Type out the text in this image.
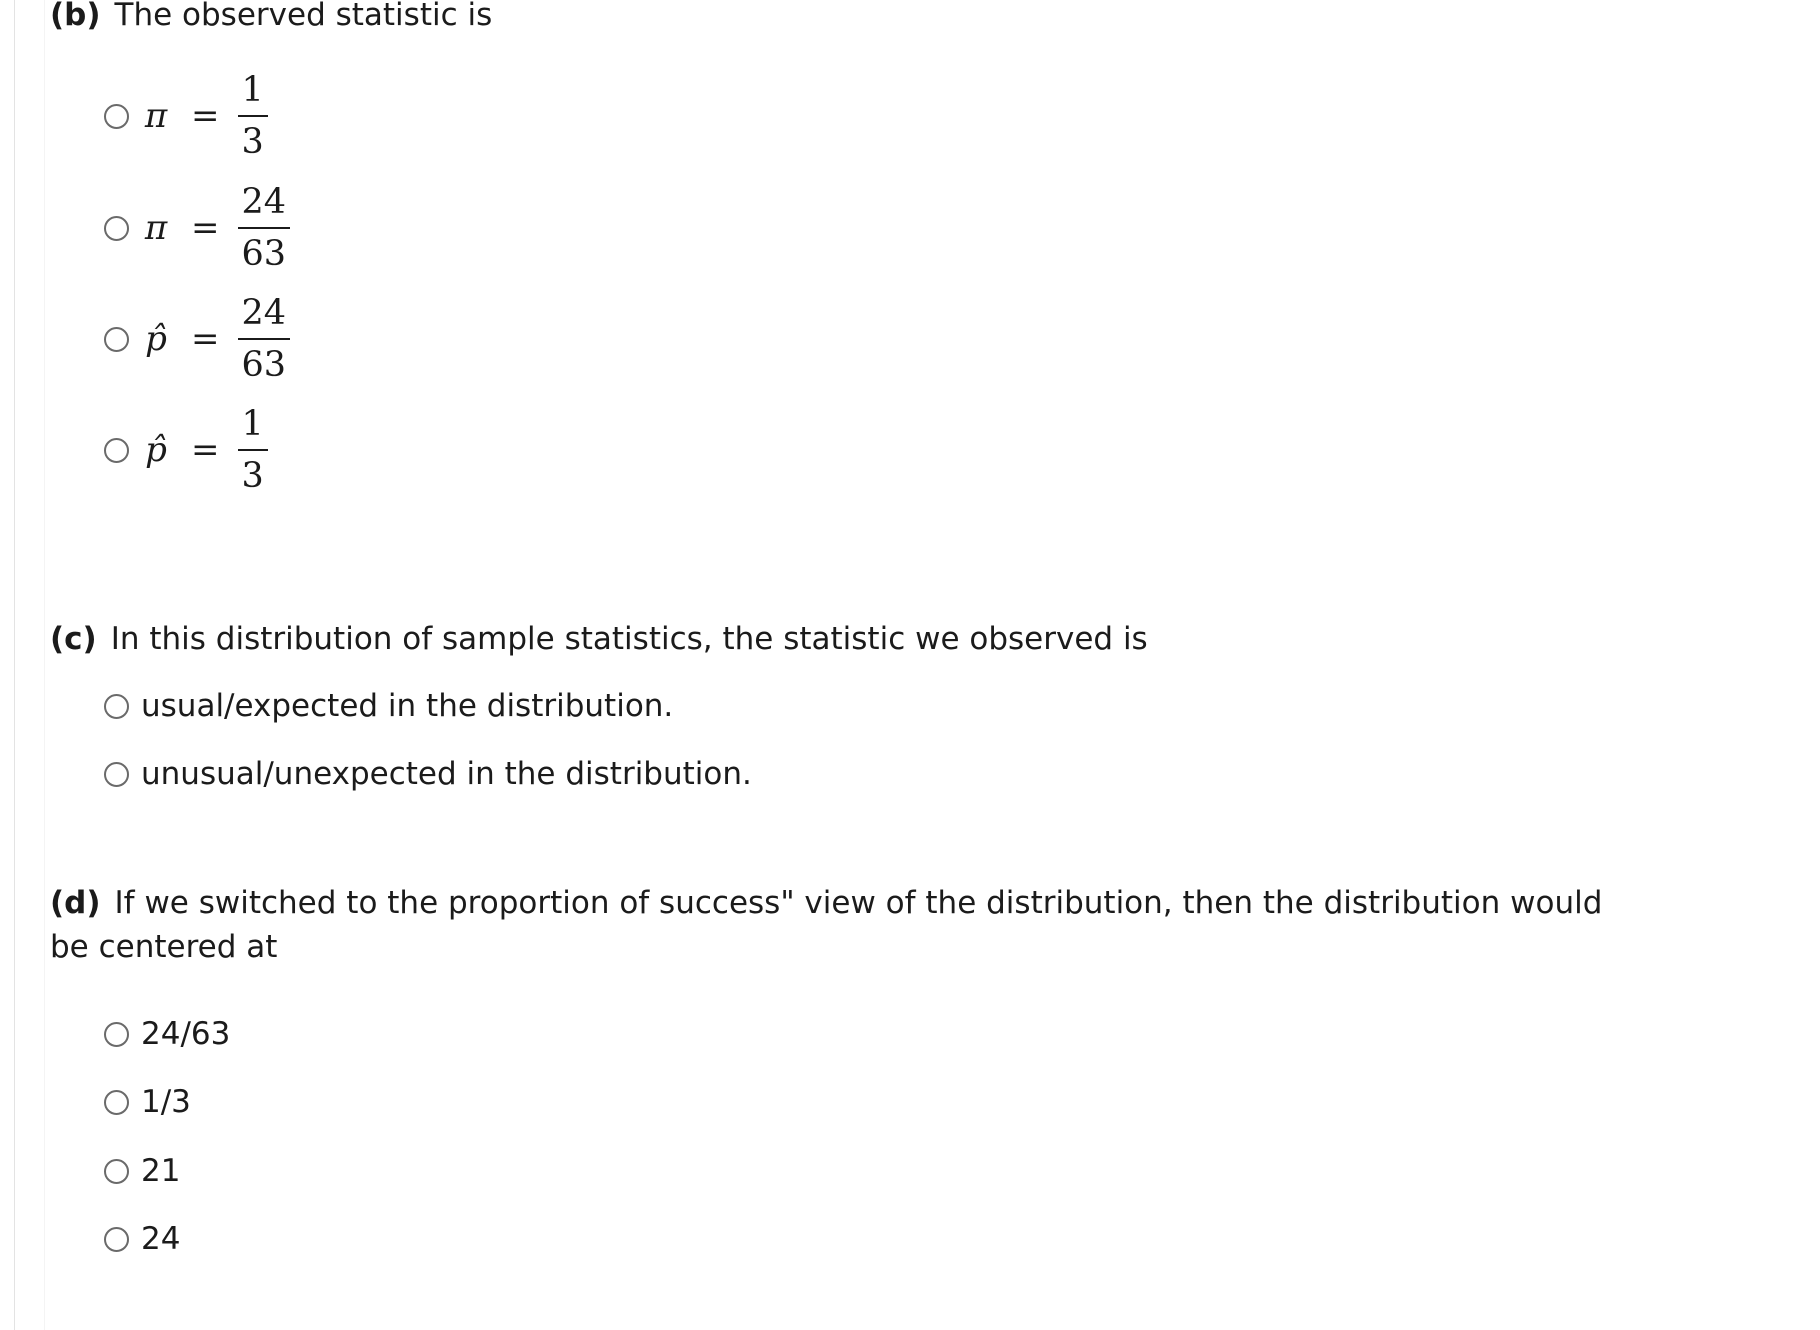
(b) The observed statistic is
$\pi = \frac{1}{3}$
$\pi = \frac{24}{63}$
p̂ = $\frac{24}{63}$
p̂ = $\frac{1}{3}$
(c) In this distribution of sample statistics, the statistic we observed is
usual/expected in the distribution.
unusual/unexpected in the distribution.
(d) If we switched to the proportion of success" view of the distribution, then the distribution would
be centered at
24/63
1/3
21
24
